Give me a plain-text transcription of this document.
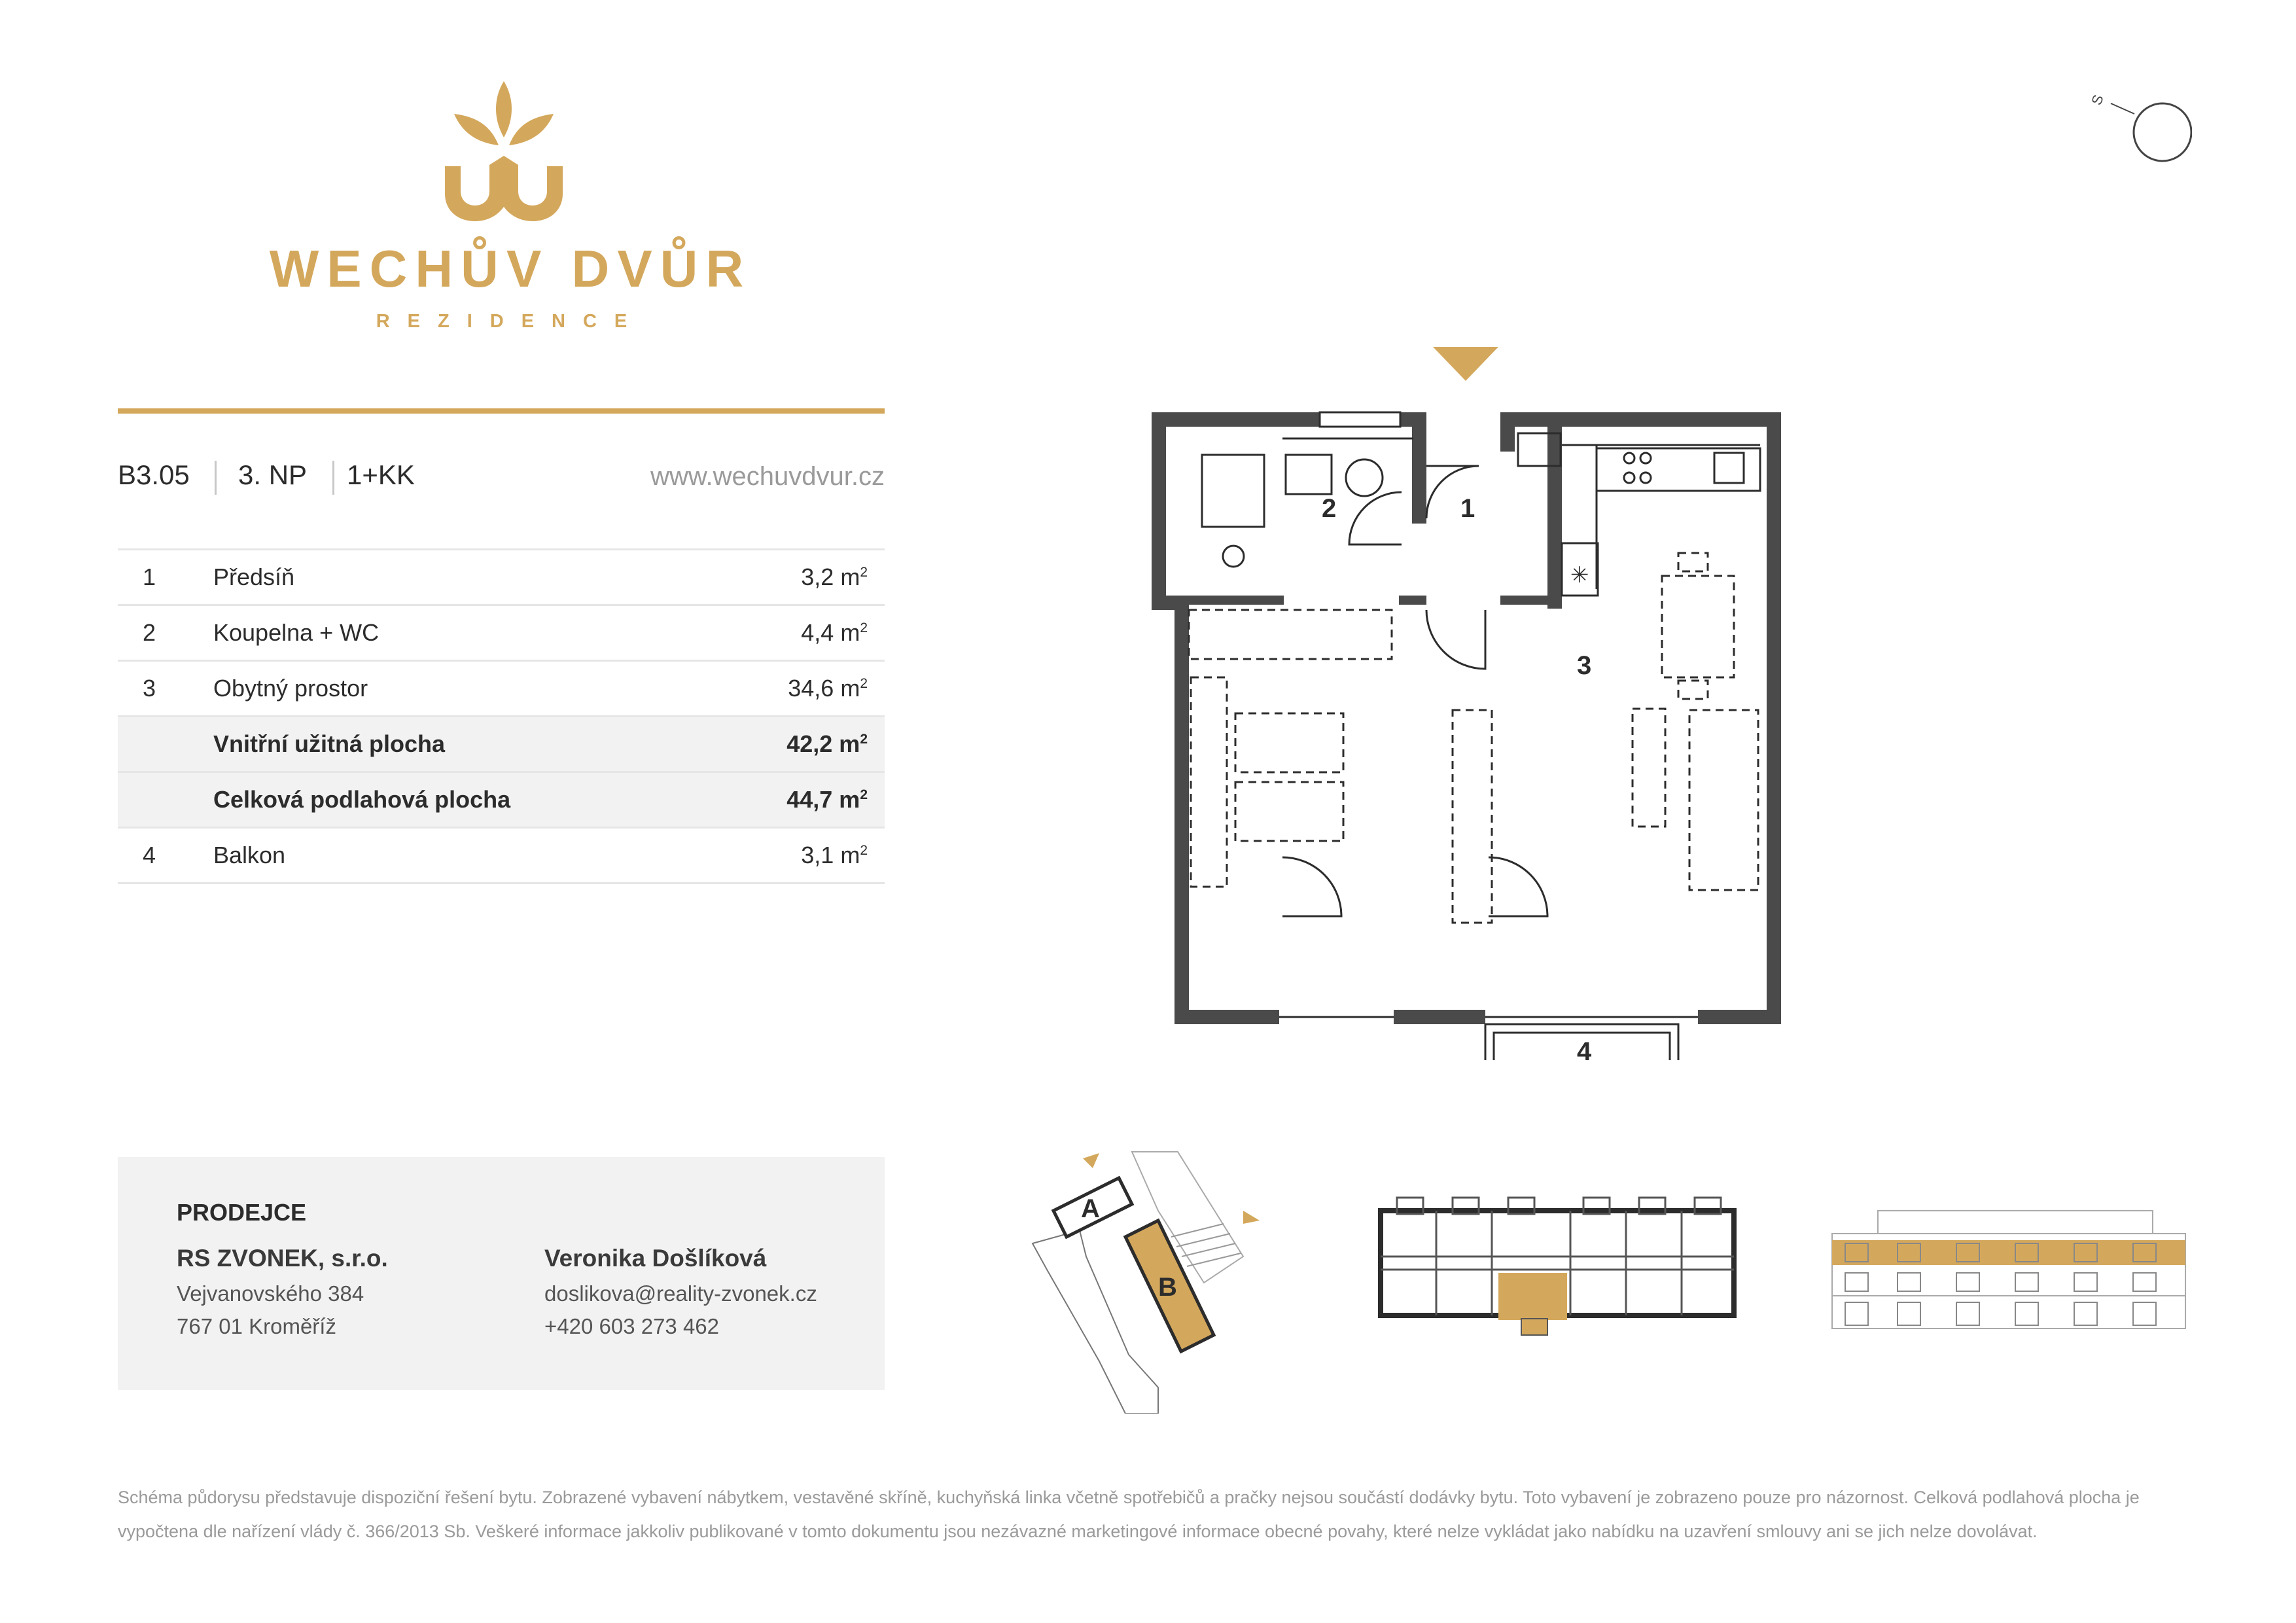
WECHŮV DVŮR
REZIDENCE
B3.05 3. NP 1+KK	www.wechuvdvur.cz
1 Předsíň	3,2 $m^2$
2 Koupelna + WC	4,4 $m^2$
3 Obytný prostor	34,6 $m^2$
Vnitřní užitná plocha	42,2 $m^2$
Celková podlahová plocha	44,7 $m^2$
4 Balkon	3,1 $m^2$
✳
2	1
3
4
S
A
B
PRODEJCE
RS ZVONEK, s.r.o.
Vejvanovského 384
767 01 Kroměříž
Veronika Došlíková
doslikova@reality-zvonek.cz
+420 603 273 462
Schéma půdorysu představuje dispoziční řešení bytu. Zobrazené vybavení nábytkem, vestavěné skříně, kuchyňská linka včetně spotřebičů a pračky nejsou součástí dodávky bytu. Toto vybavení je zobrazeno pouze pro názornost. Celková podlahová plocha je vypočtena dle nařízení vlády č. 366/2013 Sb. Veškeré informace jakkoliv publikované v tomto dokumentu jsou nezávazné marketingové informace obecné povahy, které nelze vykládat jako nabídku na uzavření smlouvy ani se jich nelze dovolávat.
